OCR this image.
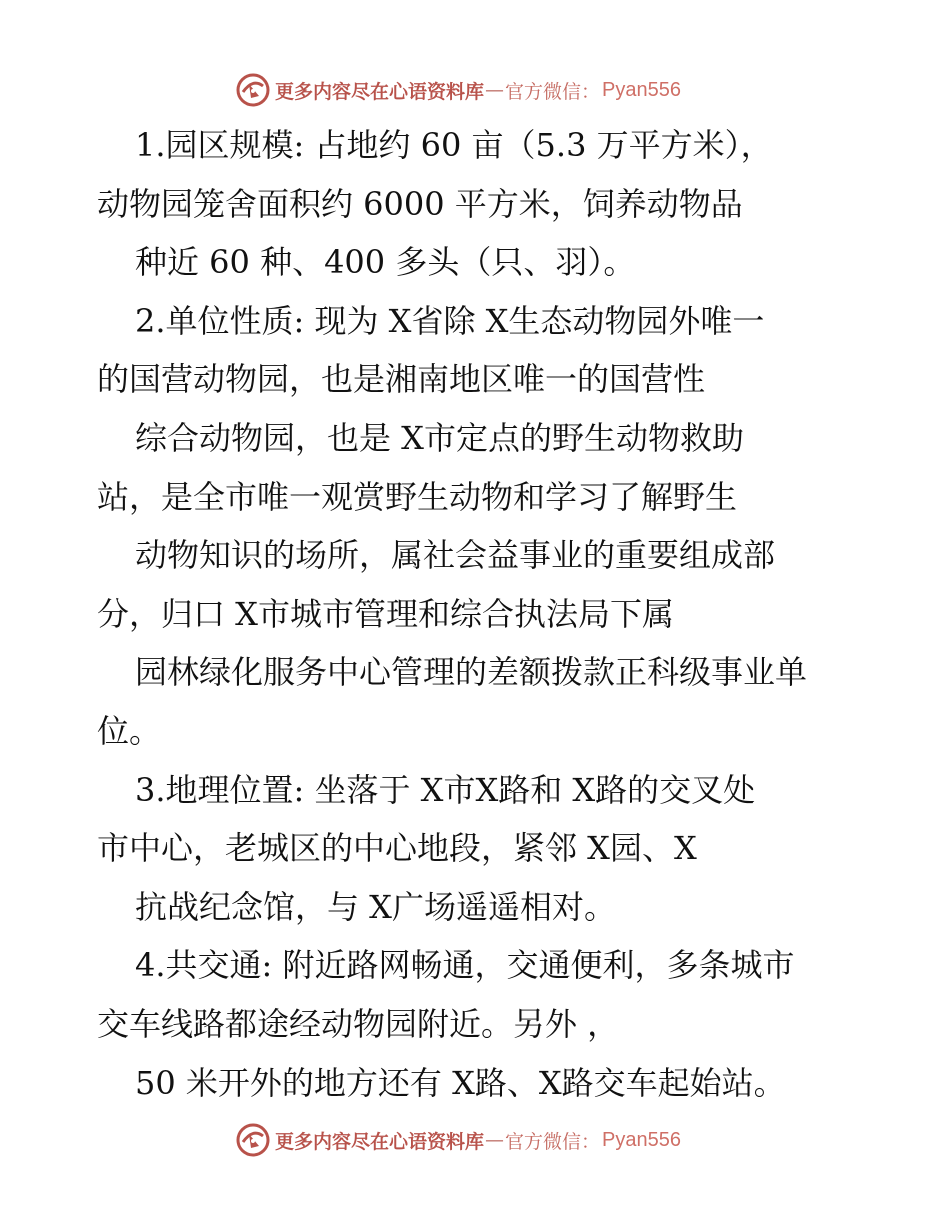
更多内容尽在心语资料库 — 官方微信： Pyan556
1.园区规模: 占地约 60 亩（5.3 万平方米），
动物园笼舍面积约 6000 平方米，饲养动物品
种近 60 种、400 多头（只、羽）。
2.单位性质: 现为 X省除 X生态动物园外唯一
的国营动物园，也是湘南地区唯一的国营性
综合动物园，也是 X市定点的野生动物救助
站，是全市唯一观赏野生动物和学习了解野生
动物知识的场所，属社会益事业的重要组成部
分，归口 X市城市管理和综合执法局下属
园林绿化服务中心管理的差额拨款正科级事业单
位。
3.地理位置: 坐落于 X市X路和 X路的交叉处
市中心，老城区的中心地段，紧邻 X园、X
抗战纪念馆，与 X广场遥遥相对。
4.共交通: 附近路网畅通，交通便利，多条城市
交车线路都途经动物园附近。另外 ，
50 米开外的地方还有 X路、X路交车起始站。
更多内容尽在心语资料库 — 官方微信： Pyan556
